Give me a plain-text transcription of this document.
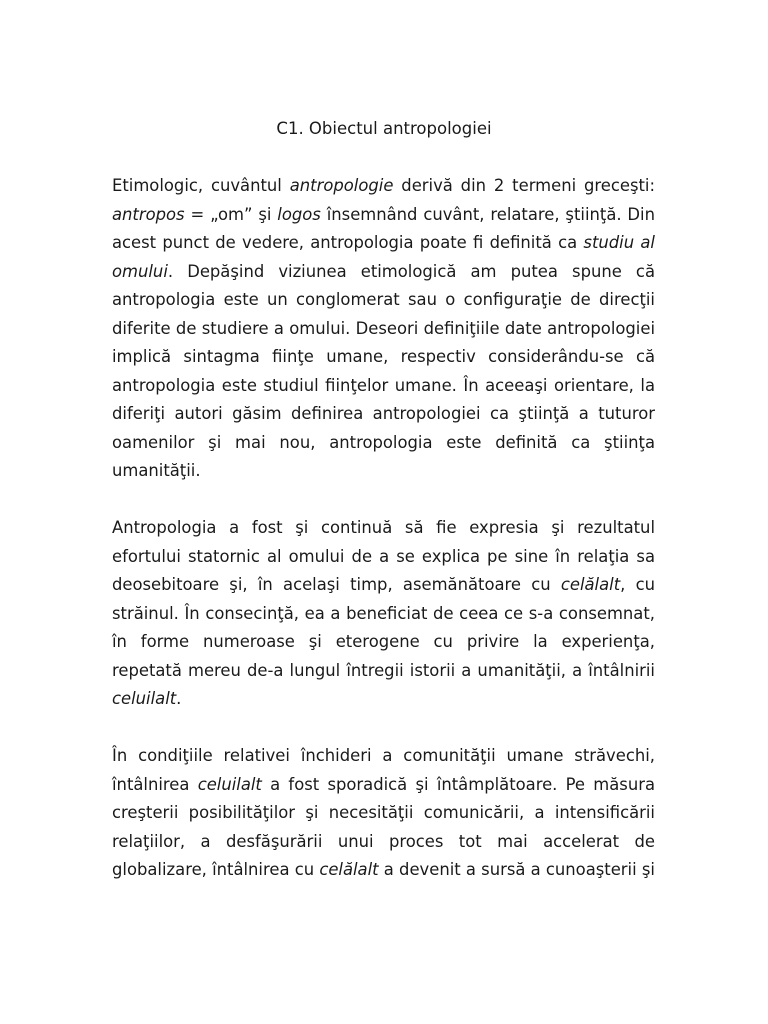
C1. Obiectul antropologiei

Etimologic, cuvântul antropologie derivă din 2 termeni greceşti: antropos = „om” şi logos însemnând cuvânt, relatare, ştiinţă. Din acest punct de vedere, antropologia poate fi definită ca studiu al omului. Depăşind viziunea etimologică am putea spune că antropologia este un conglomerat sau o configuraţie de direcţii diferite de studiere a omului. Deseori definiţiile date antropologiei implică sintagma fiinţe umane, respectiv considerându-se că antropologia este studiul fiinţelor umane. În aceeaşi orientare, la diferiţi autori găsim definirea antropologiei ca ştiinţă a tuturor oamenilor şi mai nou, antropologia este definită ca ştiinţa umanităţii.

Antropologia a fost şi continuă să fie expresia şi rezultatul efortului statornic al omului de a se explica pe sine în relaţia sa deosebitoare şi, în acelaşi timp, asemănătoare cu celălalt, cu străinul. În consecinţă, ea a beneficiat de ceea ce s-a consemnat, în forme numeroase şi eterogene cu privire la experienţa, repetată mereu de-a lungul întregii istorii a umanităţii, a întâlnirii celuilalt.

În condiţiile relativei închideri a comunităţii umane străvechi, întâlnirea celuilalt a fost sporadică şi întâmplătoare. Pe măsura creşterii posibilităţilor şi necesităţii comunicării, a intensificării relaţiilor, a desfăşurării unui proces tot mai accelerat de globalizare, întâlnirea cu celălalt a devenit a sursă a cunoaşterii şi
